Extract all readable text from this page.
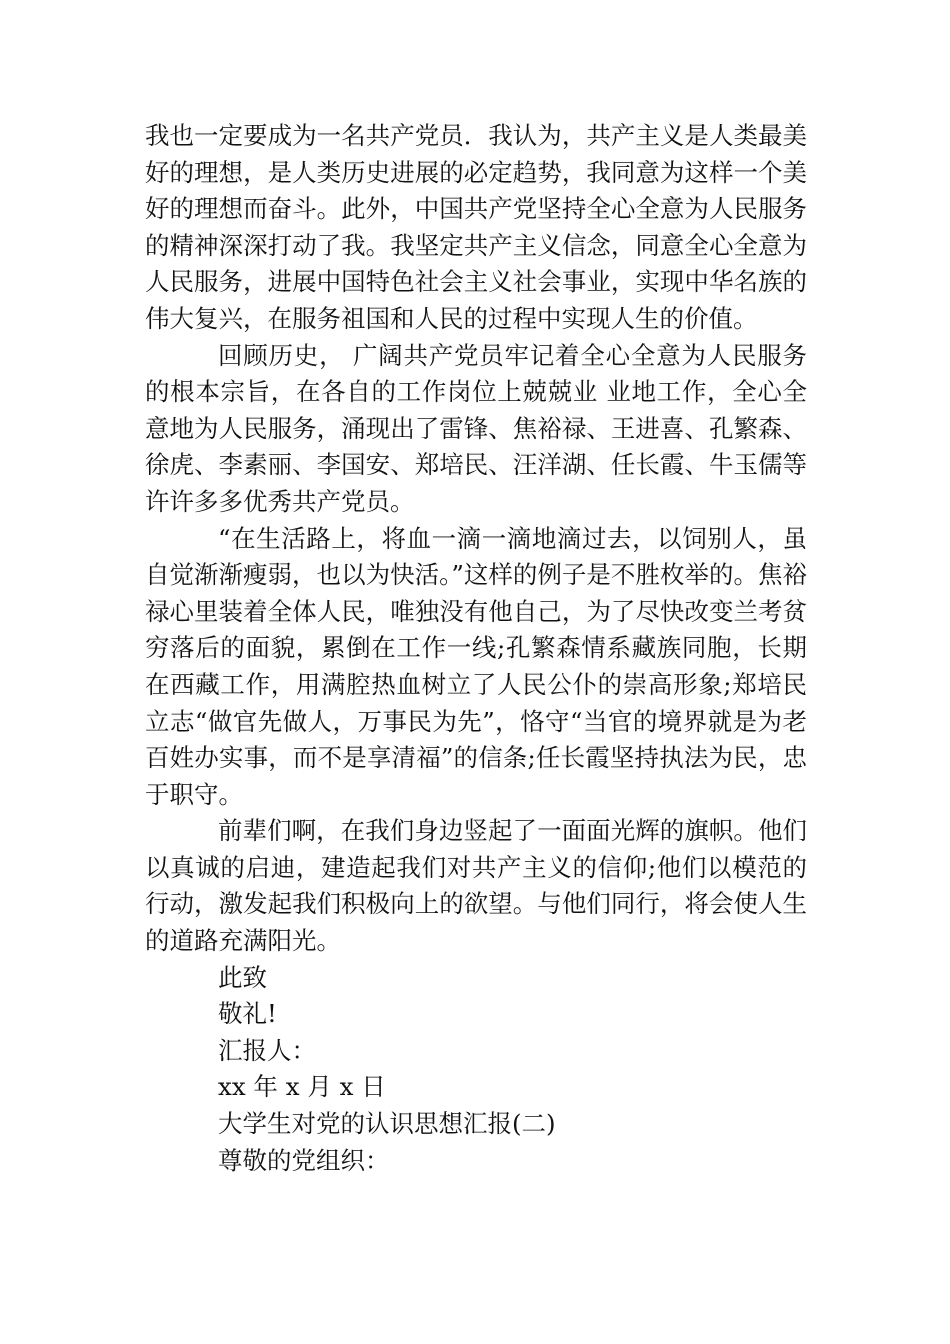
我也一定要成为一名共产党员．我认为，共产主义是人类最美好的理想，是人类历史进展的必定趋势，我同意为这样一个美好的理想而奋斗。此外，中国共产党坚持全心全意为人民服务的精神深深打动了我。我坚定共产主义信念，同意全心全意为人民服务，进展中国特色社会主义社会事业，实现中华名族的伟大复兴，在服务祖国和人民的过程中实现人生的价值。

回顾历史， 广阔共产党员牢记着全心全意为人民服务的根本宗旨，在各自的工作岗位上兢兢业 业地工作，全心全意地为人民服务，涌现出了雷锋、焦裕禄、王进喜、孔繁森、徐虎、李素丽、李国安、郑培民、汪洋湖、任长霞、牛玉儒等许许多多优秀共产党员。

“在生活路上，将血一滴一滴地滴过去，以饲别人，虽自觉渐渐瘦弱，也以为快活。”这样的例子是不胜枚举的。焦裕禄心里装着全体人民，唯独没有他自己，为了尽快改变兰考贫穷落后的面貌，累倒在工作一线;孔繁森情系藏族同胞，长期在西藏工作，用满腔热血树立了人民公仆的崇高形象;郑培民立志“做官先做人，万事民为先”，恪守“当官的境界就是为老百姓办实事，而不是享清福”的信条;任长霞坚持执法为民，忠于职守。

前辈们啊，在我们身边竖起了一面面光辉的旗帜。他们以真诚的启迪，建造起我们对共产主义的信仰;他们以模范的行动，激发起我们积极向上的欲望。与他们同行，将会使人生的道路充满阳光。

此致

敬礼!

汇报人：

xx 年 x 月 x 日

大学生对党的认识思想汇报(二)

尊敬的党组织：
